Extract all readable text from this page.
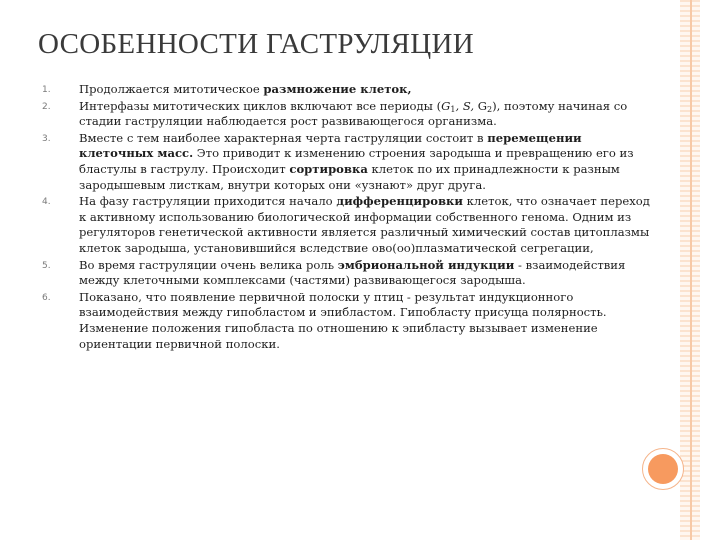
ОСОБЕННОСТИ ГАСТРУЛЯЦИИ
1. Продолжается митотическое размножение клеток,
2. Интерфазы митотических циклов включают все периоды ($G_1$, S, $G_2$), поэтому начиная со стадии гаструляции наблюдается рост развивающегося организма.
3. Вместе с тем наиболее характерная черта гаструляции состоит в перемещении клеточных масс. Это приводит к изменению строения зародыша и превращению его из бластулы в гаструлу. Происходит сортировка клеток по их принадлежности к разным зародышевым листкам, внутри которых они «узнают» друг друга.
4. На фазу гаструляции приходится начало дифференцировки клеток, что означает переход к активному использованию биологической информации собственного генома. Одним из регуляторов генетической активности является различный химический состав цитоплазмы клеток зародыша, установившийся вследствие ово(оо)плазматической сегрегации,
5. Во время гаструляции очень велика роль эмбриональной индукции - взаимодействия между клеточными комплексами (частями) развивающегося зародыша.
6. Показано, что появление первичной полоски у птиц - результат индукционного взаимодействия между гипобластом и эпибластом. Гипобласту присуща полярность. Изменение положения гипобласта по отношению к эпибласту вызывает изменение ориентации первичной полоски.
